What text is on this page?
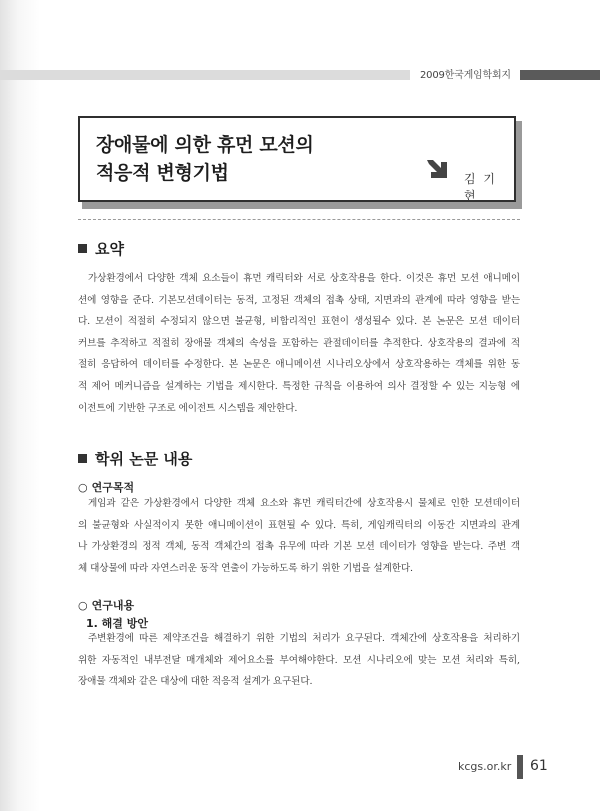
2009한국게임학회지
장애물에 의한 휴먼 모션의
적응적 변형기법	김 기 현
요약
가상환경에서 다양한 객체 요소들이 휴먼 캐릭터와 서로 상호작용을 한다. 이것은 휴먼 모션 애니메이
션에 영향을 준다. 기본모션데이터는 동적, 고정된 객체의 접촉 상태, 지면과의 관계에 따라 영향을 받는
다. 모션이 적절히 수정되지 않으면 불균형, 비합리적인 표현이 생성될수 있다. 본 논문은 모션 데이터
커브를 추적하고 적절히 장애물 객체의 속성을 포함하는 관절데이터를 추적한다. 상호작용의 결과에 적
절히 응답하여 데이터를 수정한다. 본 논문은 애니메이션 시나리오상에서 상호작용하는 객체를 위한 동
적 제어 메커니즘을 설계하는 기법을 제시한다. 특정한 규칙을 이용하여 의사 결정할 수 있는 지능형 에
이전트에 기반한 구조로 에이전트 시스템을 제안한다.
학위 논문 내용
○ 연구목적
게임과 같은 가상환경에서 다양한 객체 요소와 휴먼 캐릭터간에 상호작용시 물체로 인한 모션데이터
의 불균형와 사실적이지 못한 애니메이션이 표현될 수 있다. 특히, 게임캐릭터의 이동간 지면과의 관계
나 가상환경의 정적 객체, 동적 객체간의 접촉 유무에 따라 기본 모션 데이터가 영향을 받는다. 주변 객
체 대상물에 따라 자연스러운 동작 연출이 가능하도록 하기 위한 기법을 설계한다.
○ 연구내용
1. 해결 방안
주변환경에 따른 제약조건을 해결하기 위한 기법의 처리가 요구된다. 객체간에 상호작용을 처리하기
위한 자동적인 내부전달 매개체와 제어요소를 부여해야한다. 모션 시나리오에 맞는 모션 처리와 특히,
장애물 객체와 같은 대상에 대한 적응적 설계가 요구된다.
kcgs.or.kr 61
